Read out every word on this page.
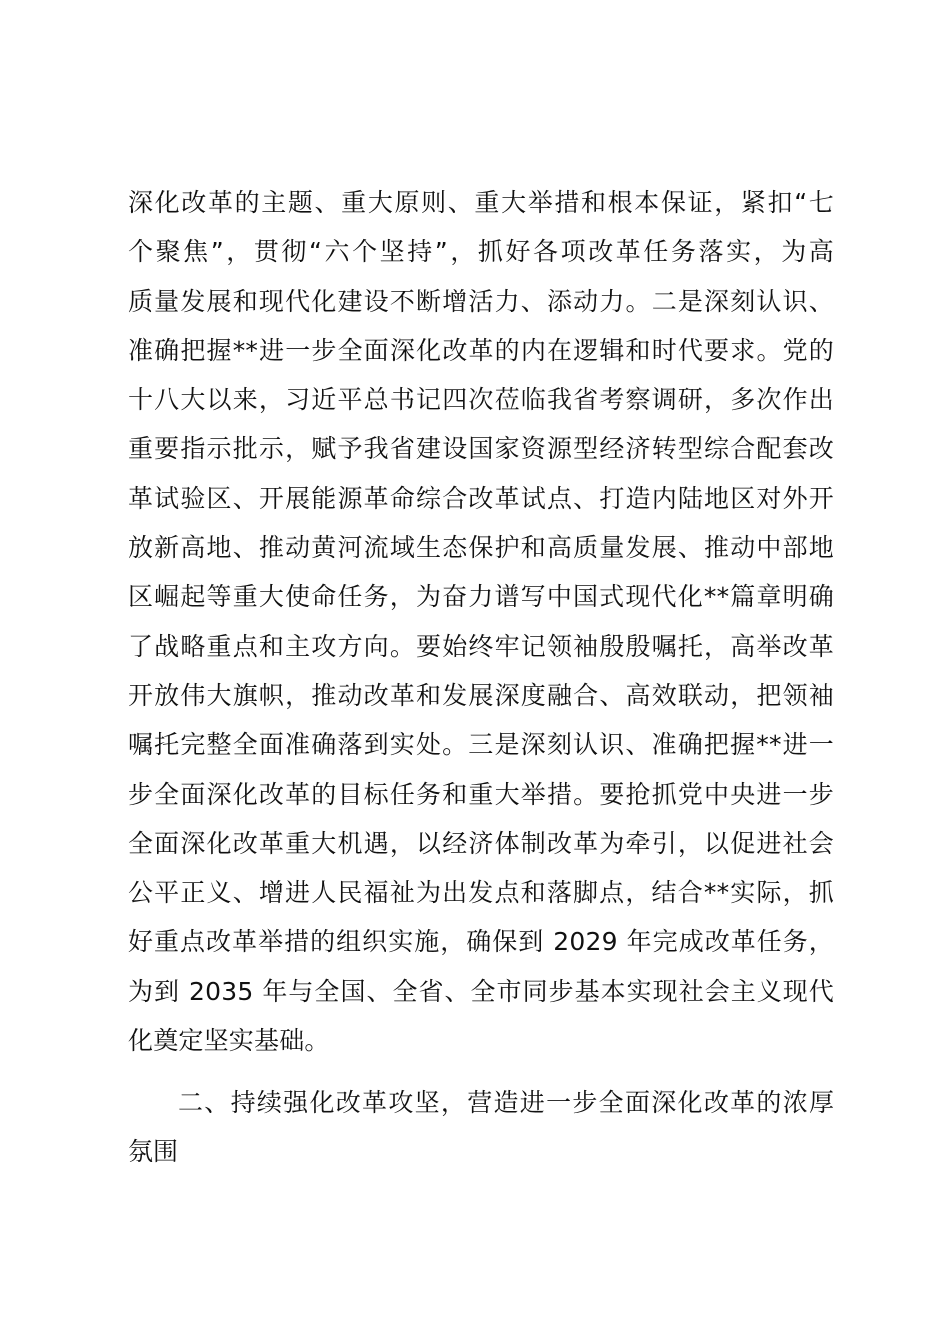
深化改革的主题、重大原则、重大举措和根本保证，紧扣“七
个聚焦”，贯彻“六个坚持”，抓好各项改革任务落实，为高
质量发展和现代化建设不断增活力、添动力。二是深刻认识、
准确把握**进一步全面深化改革的内在逻辑和时代要求。党的
十八大以来，习近平总书记四次莅临我省考察调研，多次作出
重要指示批示，赋予我省建设国家资源型经济转型综合配套改
革试验区、开展能源革命综合改革试点、打造内陆地区对外开
放新高地、推动黄河流域生态保护和高质量发展、推动中部地
区崛起等重大使命任务，为奋力谱写中国式现代化**篇章明确
了战略重点和主攻方向。要始终牢记领袖殷殷嘱托，高举改革
开放伟大旗帜，推动改革和发展深度融合、高效联动，把领袖
嘱托完整全面准确落到实处。三是深刻认识、准确把握**进一
步全面深化改革的目标任务和重大举措。要抢抓党中央进一步
全面深化改革重大机遇，以经济体制改革为牵引，以促进社会
公平正义、增进人民福祉为出发点和落脚点，结合**实际，抓
好重点改革举措的组织实施，确保到 2029 年完成改革任务，
为到 2035 年与全国、全省、全市同步基本实现社会主义现代
化奠定坚实基础。
二、持续强化改革攻坚，营造进一步全面深化改革的浓厚
氛围
